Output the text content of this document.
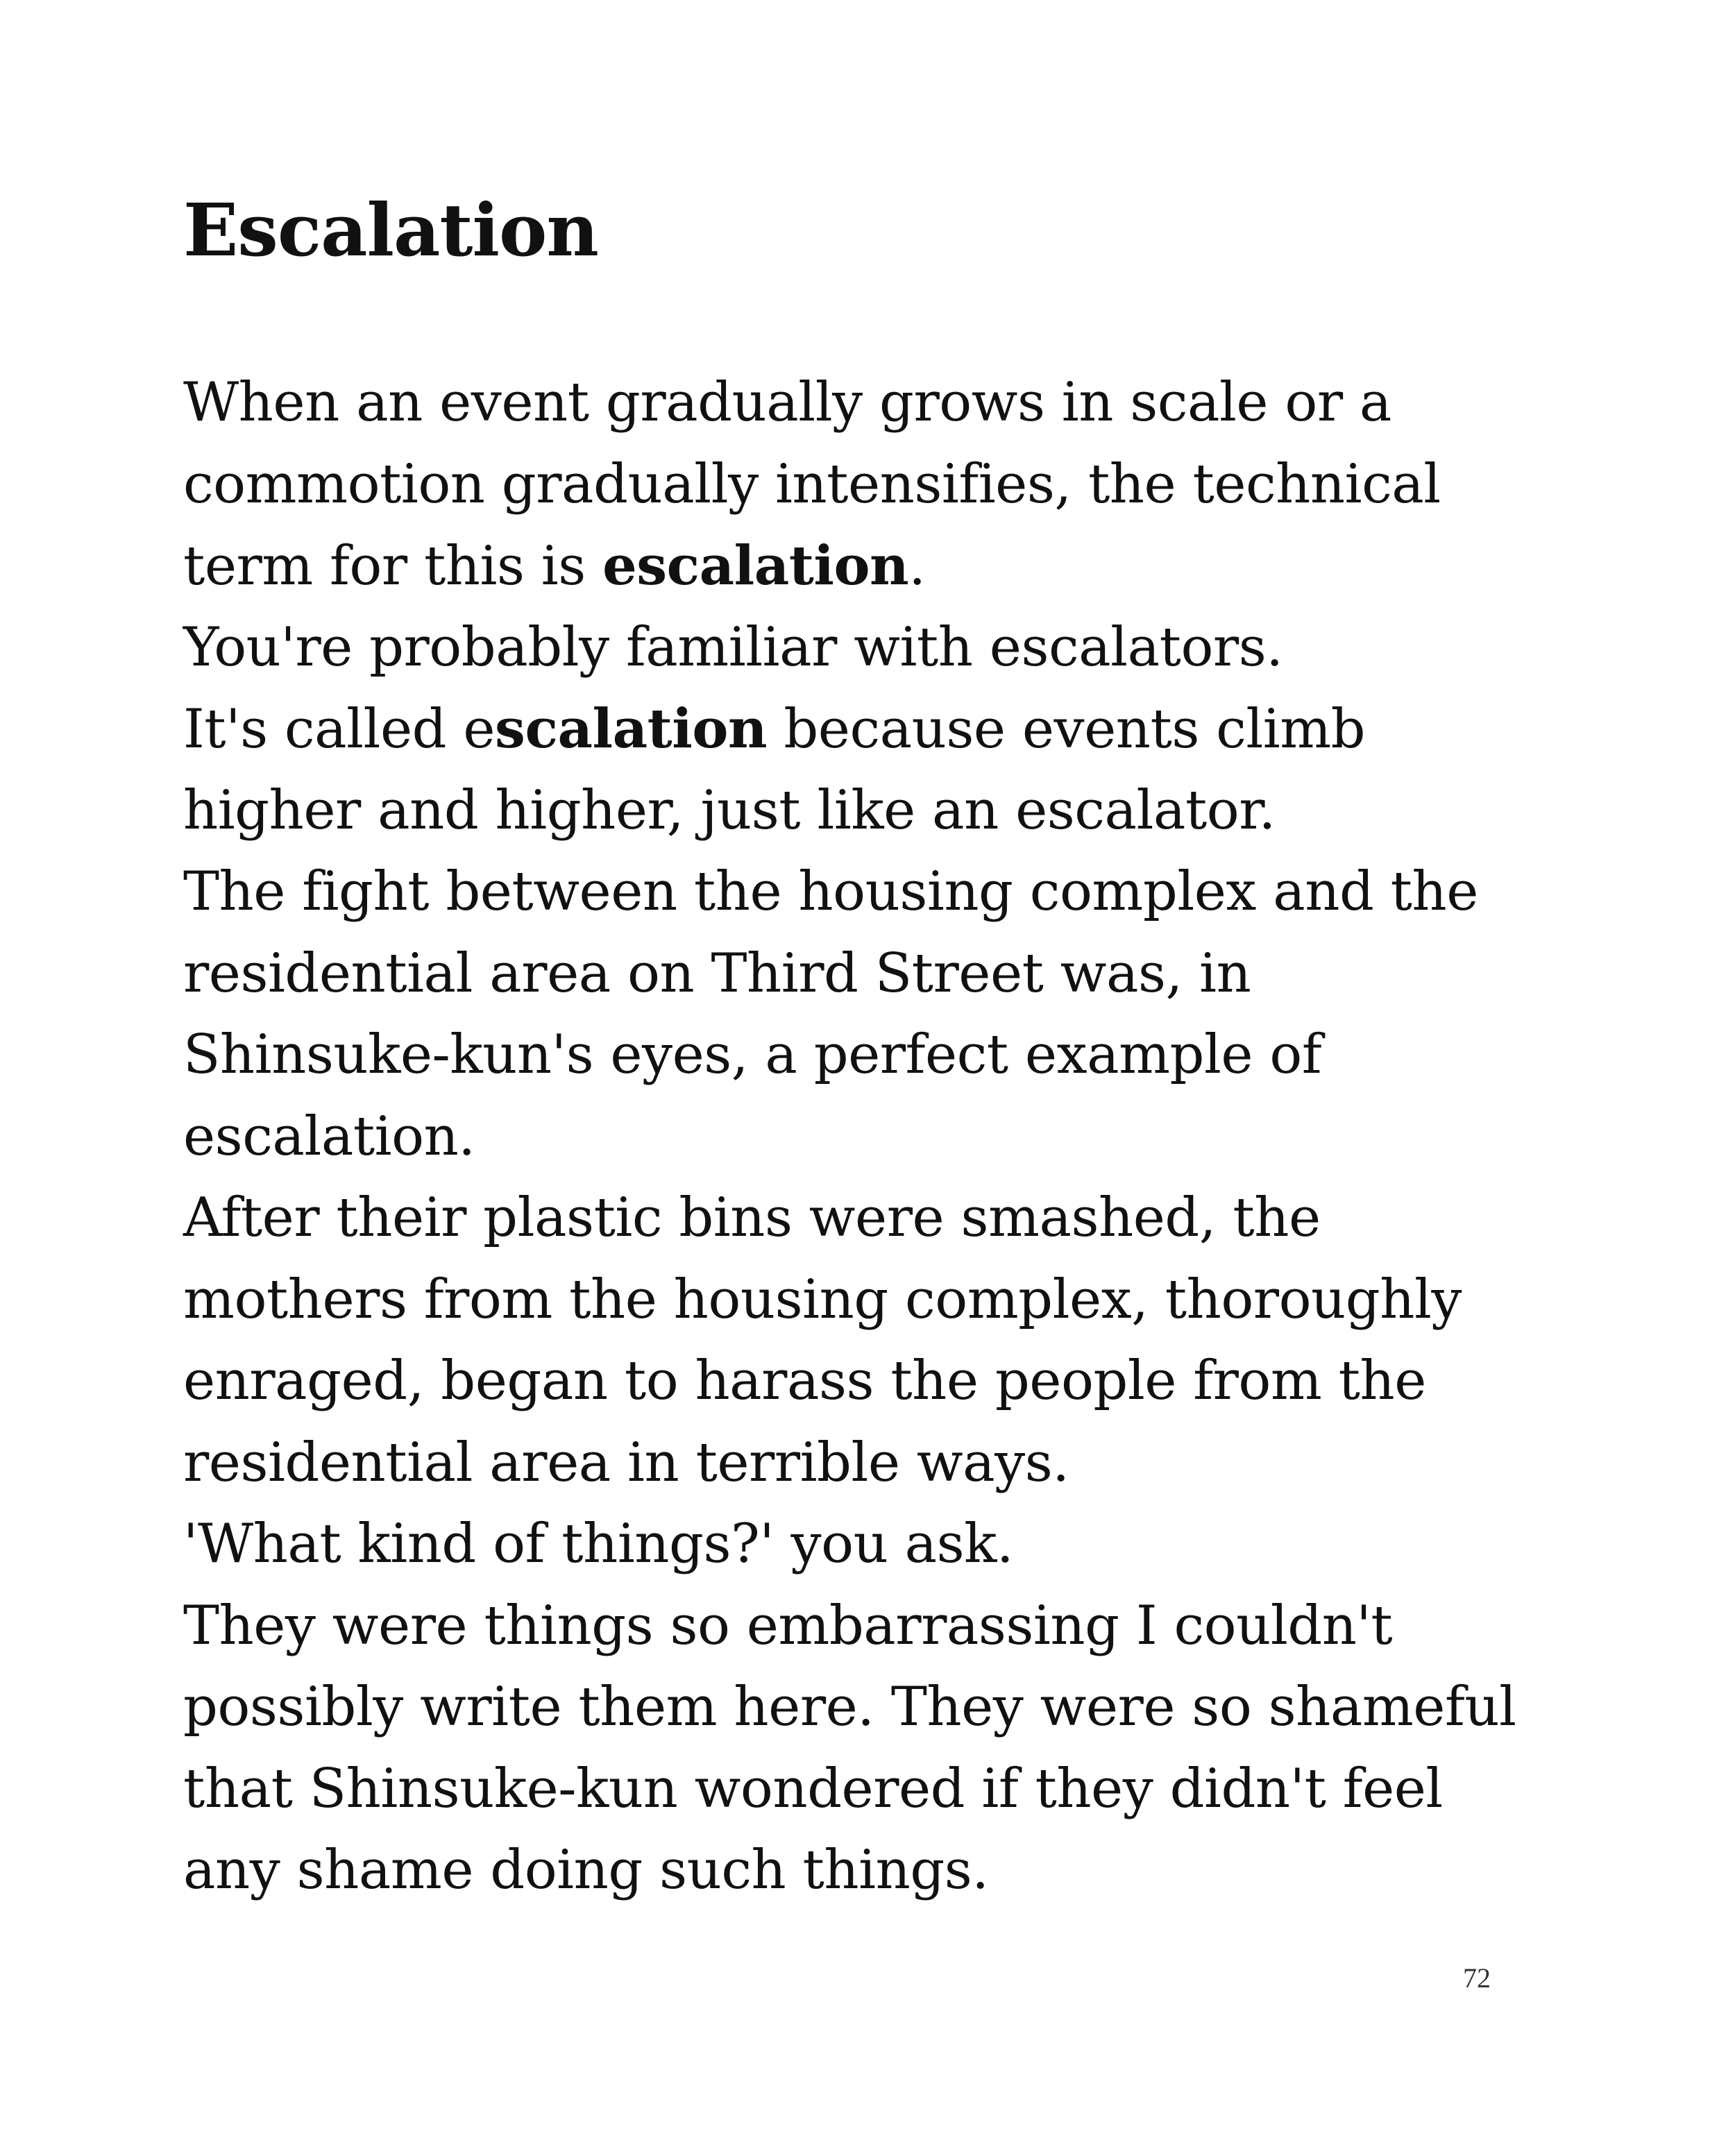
Escalation
When an event gradually grows in scale or a
commotion gradually intensifies, the technical
term for this is escalation.
You're probably familiar with escalators.
It's called escalation because events climb
higher and higher, just like an escalator.
The fight between the housing complex and the
residential area on Third Street was, in
Shinsuke-kun's eyes, a perfect example of
escalation.
After their plastic bins were smashed, the
mothers from the housing complex, thoroughly
enraged, began to harass the people from the
residential area in terrible ways.
'What kind of things?' you ask.
They were things so embarrassing I couldn't
possibly write them here. They were so shameful
that Shinsuke-kun wondered if they didn't feel
any shame doing such things.
72
